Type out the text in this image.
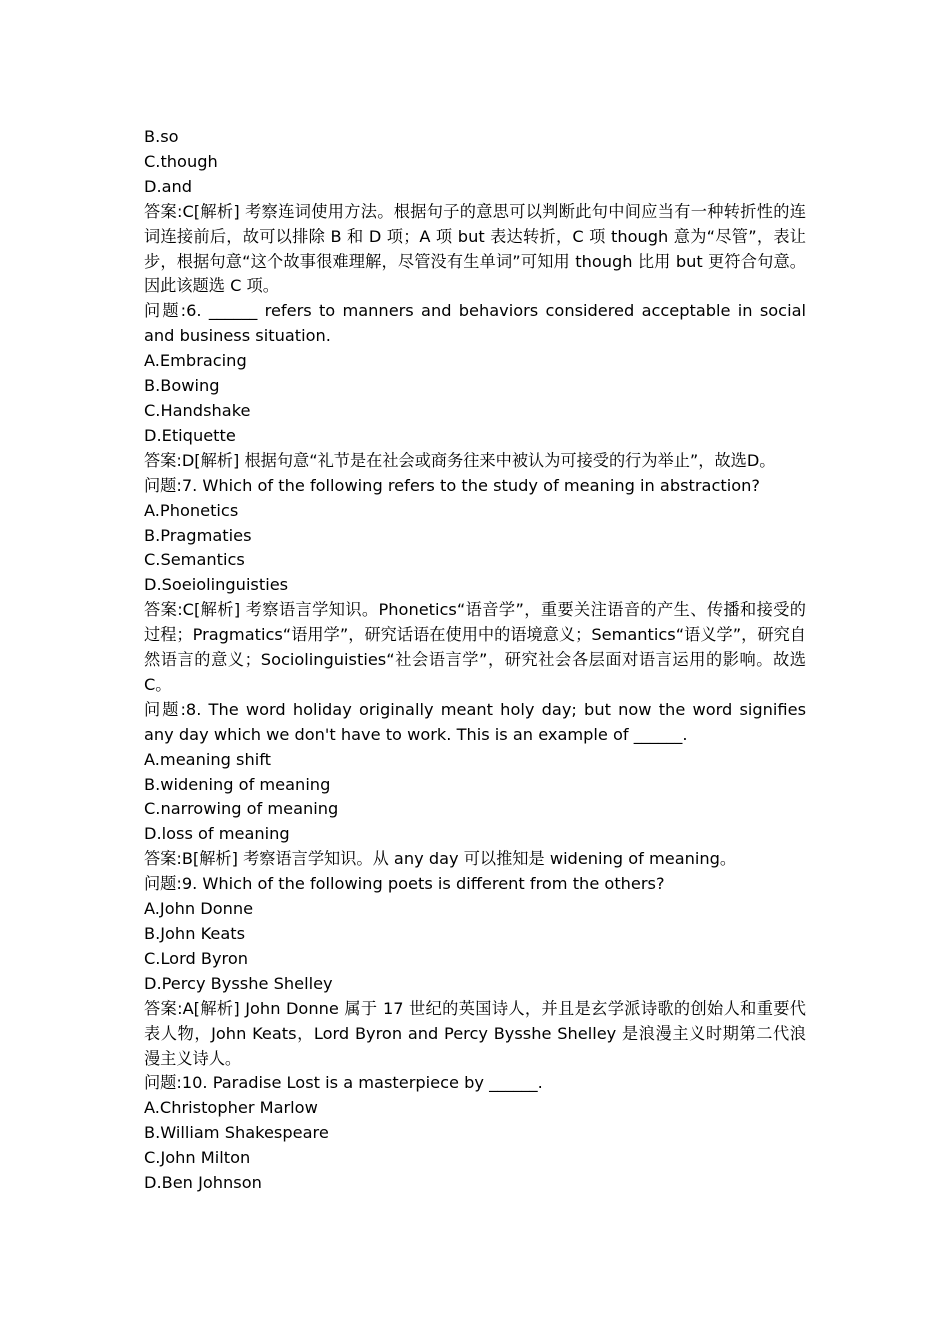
B.so
C.though
D.and
答案:C[解析] 考察连词使用方法。根据句子的意思可以判断此句中间应当有一种转折性的连词连接前后，故可以排除 B 和 D 项；A 项 but 表达转折，C 项 though 意为“尽管”，表让步，根据句意“这个故事很难理解，尽管没有生单词”可知用 though 比用 but 更符合句意。因此该题选 C 项。
问题:6. ______ refers to manners and behaviors considered acceptable in social and business situation.
A.Embracing
B.Bowing
C.Handshake
D.Etiquette
答案:D[解析] 根据句意“礼节是在社会或商务往来中被认为可接受的行为举止”，故选D。
问题:7. Which of the following refers to the study of meaning in abstraction?
A.Phonetics
B.Pragmaties
C.Semantics
D.Soeiolinguisties
答案:C[解析] 考察语言学知识。Phonetics“语音学”，重要关注语音的产生、传播和接受的过程；Pragmatics“语用学”，研究话语在使用中的语境意义；Semantics“语义学”，研究自然语言的意义；Sociolinguisties“社会语言学”，研究社会各层面对语言运用的影响。故选 C。
问题:8. The word holiday originally meant holy day; but now the word signifies any day which we don't have to work. This is an example of ______.
A.meaning shift
B.widening of meaning
C.narrowing of meaning
D.loss of meaning
答案:B[解析] 考察语言学知识。从 any day 可以推知是 widening of meaning。
问题:9. Which of the following poets is different from the others?
A.John Donne
B.John Keats
C.Lord Byron
D.Percy Bysshe Shelley
答案:A[解析] John Donne 属于 17 世纪的英国诗人，并且是玄学派诗歌的创始人和重要代表人物，John Keats，Lord Byron and Percy Bysshe Shelley 是浪漫主义时期第二代浪漫主义诗人。
问题:10. Paradise Lost is a masterpiece by ______.
A.Christopher Marlow
B.William Shakespeare
C.John Milton
D.Ben Johnson
